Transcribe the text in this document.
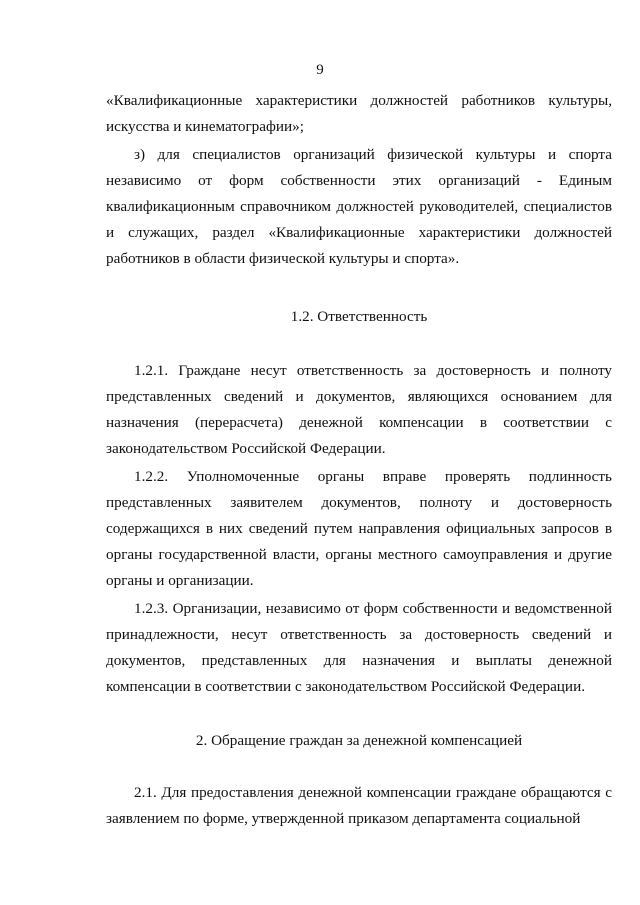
9

«Квалификационные характеристики должностей работников культуры, искусства и кинематографии»;

з) для специалистов организаций физической культуры и спорта независимо от форм собственности этих организаций - Единым квалификационным справочником должностей руководителей, специалистов и служащих, раздел «Квалификационные характеристики должностей работников в области физической культуры и спорта».

1.2. Ответственность

1.2.1. Граждане несут ответственность за достоверность и полноту представленных сведений и документов, являющихся основанием для назначения (перерасчета) денежной компенсации в соответствии с законодательством Российской Федерации.

1.2.2. Уполномоченные органы вправе проверять подлинность представленных заявителем документов, полноту и достоверность содержащихся в них сведений путем направления официальных запросов в органы государственной власти, органы местного самоуправления и другие органы и организации.

1.2.3. Организации, независимо от форм собственности и ведомственной принадлежности, несут ответственность за достоверность сведений и документов, представленных для назначения и выплаты денежной компенсации в соответствии с законодательством Российской Федерации.

2. Обращение граждан за денежной компенсацией

2.1. Для предоставления денежной компенсации граждане обращаются с заявлением по форме, утвержденной приказом департамента социальной
